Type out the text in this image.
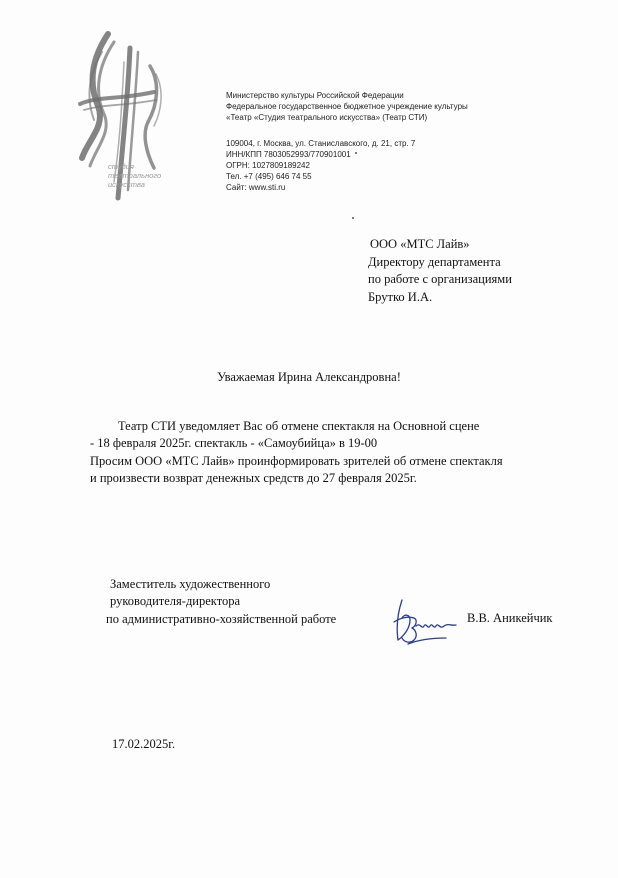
студия
театрального
искусства
Министерство культуры Российской Федерации
Федеральное государственное бюджетное учреждение культуры
«Театр «Студия театрального искусства» (Театр СТИ)
109004, г. Москва, ул. Станиславского, д. 21, стр. 7
ИНН/КПП 7803052993/770901001
ОГРН: 1027809189242
Тел. +7 (495) 646 74 55
Сайт: www.sti.ru
ООО «МТС Лайв»
Директору департамента
по работе с организациями
Брутко И.А.
Уважаемая Ирина Александровна!
Театр СТИ уведомляет Вас об отмене спектакля на Основной сцене
- 18 февраля 2025г. спектакль - «Самоубийца» в 19-00
Просим ООО «МТС Лайв» проинформировать зрителей об отмене спектакля
и произвести возврат денежных средств до 27 февраля 2025г.
Заместитель художественного
руководителя-директора
по административно-хозяйственной работе	В.В. Аникейчик
17.02.2025г.
